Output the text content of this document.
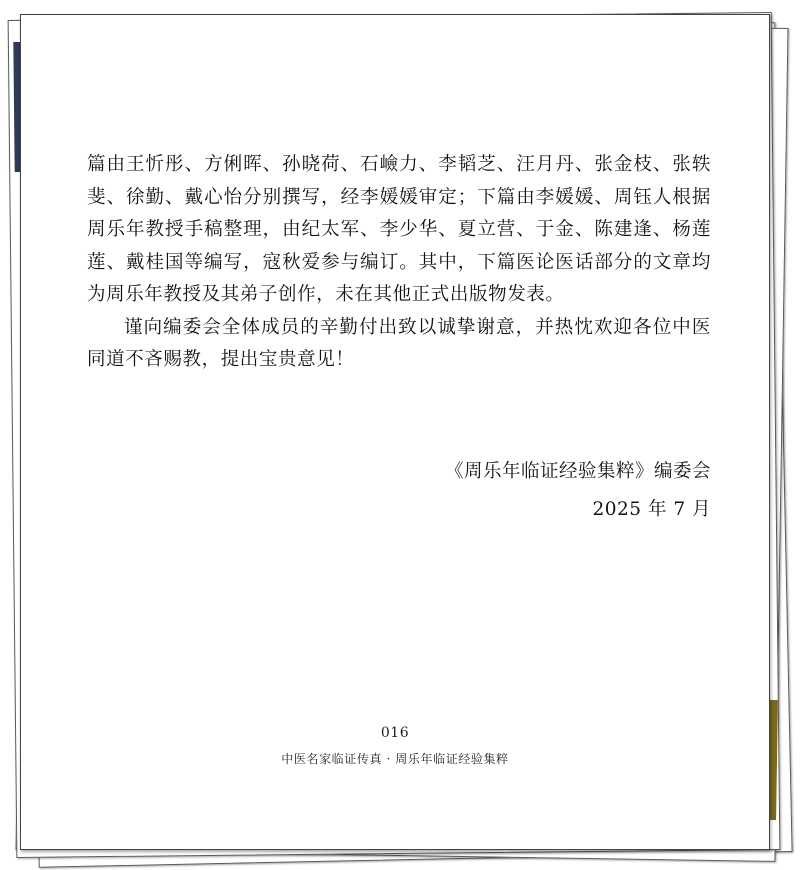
篇由王忻彤、方俐晖、孙晓荷、石嶮力、李韬芝、汪月丹、张金枝、张轶斐、徐勤、戴心怡分别撰写，经李媛媛审定；下篇由李媛媛、周钰人根据周乐年教授手稿整理，由纪太军、李少华、夏立营、于金、陈建逢、杨莲莲、戴桂国等编写，寇秋爱参与编订。其中，下篇医论医话部分的文章均为周乐年教授及其弟子创作，未在其他正式出版物发表。

谨向编委会全体成员的辛勤付出致以诚挚谢意，并热忱欢迎各位中医同道不吝赐教，提出宝贵意见！

《周乐年临证经验集粹》编委会
2025 年 7 月
016
中医名家临证传真 · 周乐年临证经验集粹
